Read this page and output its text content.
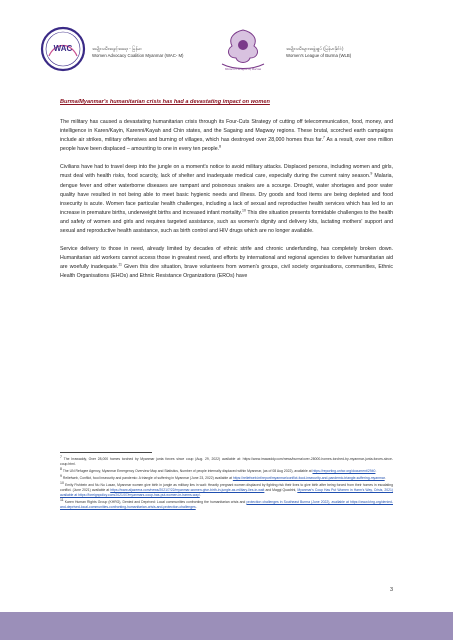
WAC	အမျိုးသမီးအခွင့်အရေး - မြန်မာ
Women Advocacy Coalition Myanmar (WAC- M)
Women's League of Burma
အမျိုးသမီးများအဖွဲ့ချုပ် (မြန်မာနိုင်ငံ)
Women's League of Burma (WLB)
Burma/Myanmar's humanitarian crisis has had a devastating impact on women

The military has caused a devastating humanitarian crisis through its Four-Cuts Strategy of cutting off telecommunication, food, money, and intelligence in Karen/Kayin, Karenni/Kayah and Chin states, and the Sagaing and Magway regions. These brutal, scorched earth campaigns include air strikes, military offensives and burning of villages, which has destroyed over 28,000 homes thus far.$^7$ As a result, over one million people have been displaced – amounting to one in every ten people.$^8$

Civilians have had to travel deep into the jungle on a moment's notice to avoid military attacks. Displaced persons, including women and girls, must deal with health risks, food scarcity, lack of shelter and inadequate medical care, especially during the current rainy season.$^9$ Malaria, dengue fever and other waterborne diseases are rampant and poisonous snakes are a scourge. Drought, water shortages and poor water quality have resulted in not being able to meet basic hygienic needs and illness. Dry goods and food items are being depleted and food insecurity is acute. Women face particular health challenges, including a lack of sexual and reproductive health services which has led to an increase in premature births, underweight births and increased infant mortality.$^{10}$ This dire situation presents formidable challenges to the health and safety of women and girls and requires targeted assistance, such as women's dignity and delivery kits, lactating mothers' support and sexual and reproductive health assistance, such as birth control and HIV drugs which are no longer available.

Service delivery to those in need, already limited by decades of ethnic strife and chronic underfunding, has completely broken down. Humanitarian aid workers cannot access those in greatest need, and efforts by international and regional agencies to deliver humanitarian aid are woefully inadequate.$^{11}$ Given this dire situation, brave volunteers from women's groups, civil society organisations, communities, Ethnic Health Organisations (EHOs) and Ethnic Resistance Organizations (EROs) have

$^7$ The Irrawaddy, Over 28,000 homes torched by Myanmar junta forces since coup (Aug. 29, 2022) available at: https://www.irrawaddy.com/news/burma/over-28000-homes-torched-by-myanmar-junta-forces-since-coup.html.

$^8$ The UN Refugee Agency, Myanmar Emergency Overview Map and Statistics, Number of people internally displaced within Myanmar, (as of 08 Aug 2022), available at https://reporting.unhcr.org/document/2940.

$^9$ Reliefweb, Conflict, food insecurity and pandemic: A triangle of suffering in Myanmar (June 23, 2022) available at https://reliefweb.int/report/myanmar/conflict-food-insecurity-and-pandemic-triangle-suffering-myanmar.

$^{10}$ Emily Fishbein and Nu Nu Lusan, Myanmar women give birth in jungle as military lies in wait: Heavily pregnant women displaced by fighting risk their lives to give birth after being forced from their homes in escalating conflict. (June 2021) available at https://www.aljazeera.com/news/2021/7/22/myanmar-women-give-birth-in-jungle-as-military-lies-in-wait and Maggi Quadrini, Myanmar's Coup Has Put Women in Harm's Way, Crisis, 2021) available at https://foreignpolicy.com/2021/07/myanmars-coup-has-put-women-in-harms-way/.

$^{11}$ Karen Human Rights Group (KHRG), Denied and Deprived: Local communities confronting the humanitarian crisis and protection challenges in Southeast Burma (June 2022), available at https://www.khrg.org/denied-and-deprived-local-communities-confronting-humanitarian-crisis-and-protection-challenges.

3
